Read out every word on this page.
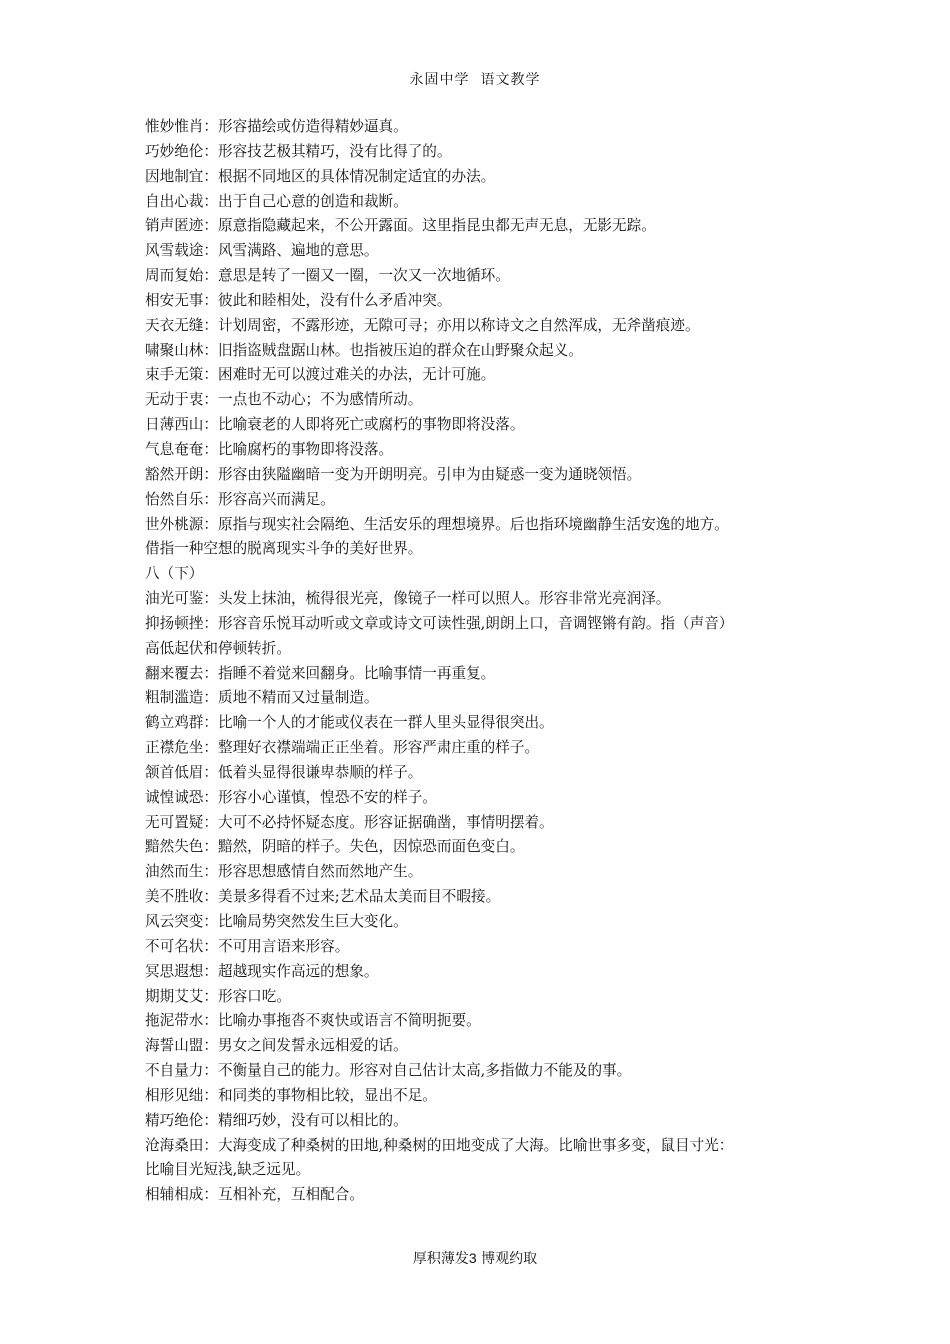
永固中学 语文教学
惟妙惟肖：形容描绘或仿造得精妙逼真。
巧妙绝伦：形容技艺极其精巧，没有比得了的。
因地制宜：根据不同地区的具体情况制定适宜的办法。
自出心裁：出于自己心意的创造和裁断。
销声匿迹：原意指隐藏起来，不公开露面。这里指昆虫都无声无息，无影无踪。
风雪载途：风雪满路、遍地的意思。
周而复始：意思是转了一圈又一圈，一次又一次地循环。
相安无事：彼此和睦相处，没有什么矛盾冲突。
天衣无缝：计划周密，不露形迹，无隙可寻；亦用以称诗文之自然浑成，无斧凿痕迹。
啸聚山林：旧指盗贼盘踞山林。也指被压迫的群众在山野聚众起义。
束手无策：困难时无可以渡过难关的办法，无计可施。
无动于衷：一点也不动心；不为感情所动。
日薄西山：比喻衰老的人即将死亡或腐朽的事物即将没落。
气息奄奄：比喻腐朽的事物即将没落。
豁然开朗：形容由狭隘幽暗一变为开朗明亮。引申为由疑惑一变为通晓领悟。
怡然自乐：形容高兴而满足。
世外桃源：原指与现实社会隔绝、生活安乐的理想境界。后也指环境幽静生活安逸的地方。
借指一种空想的脱离现实斗争的美好世界。
八（下）
油光可鉴：头发上抹油，梳得很光亮，像镜子一样可以照人。形容非常光亮润泽。
抑扬顿挫：形容音乐悦耳动听或文章或诗文可读性强,朗朗上口，音调铿锵有韵。指（声音）
高低起伏和停顿转折。
翻来覆去：指睡不着觉来回翻身。比喻事情一再重复。
粗制滥造：质地不精而又过量制造。
鹤立鸡群：比喻一个人的才能或仪表在一群人里头显得很突出。
正襟危坐：整理好衣襟端端正正坐着。形容严肃庄重的样子。
颔首低眉：低着头显得很谦卑恭顺的样子。
诚惶诚恐：形容小心谨慎，惶恐不安的样子。
无可置疑：大可不必持怀疑态度。形容证据确凿，事情明摆着。
黯然失色：黯然，阴暗的样子。失色，因惊恐而面色变白。
油然而生：形容思想感情自然而然地产生。
美不胜收：美景多得看不过来;艺术品太美而目不暇接。
风云突变：比喻局势突然发生巨大变化。
不可名状：不可用言语来形容。
冥思遐想：超越现实作高远的想象。
期期艾艾：形容口吃。
拖泥带水：比喻办事拖沓不爽快或语言不简明扼要。
海誓山盟：男女之间发誓永远相爱的话。
不自量力：不衡量自己的能力。形容对自己估计太高,多指做力不能及的事。
相形见绌：和同类的事物相比较，显出不足。
精巧绝伦：精细巧妙，没有可以相比的。
沧海桑田：大海变成了种桑树的田地,种桑树的田地变成了大海。比喻世事多变，鼠目寸光：
比喻目光短浅,缺乏远见。
相辅相成：互相补充，互相配合。
厚积薄发3 博观约取
